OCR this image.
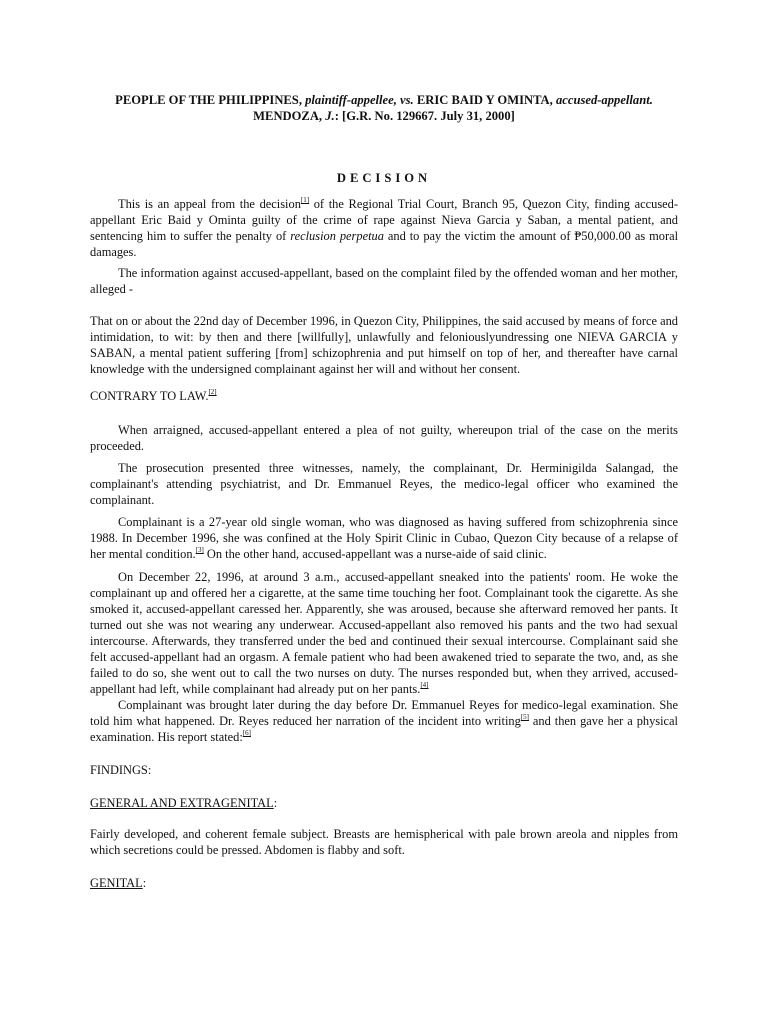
PEOPLE OF THE PHILIPPINES, plaintiff-appellee, vs. ERIC BAID Y OMINTA, accused-appellant.
MENDOZA, J.: [G.R. No. 129667. July 31, 2000]
DECISION

This is an appeal from the decision[1] of the Regional Trial Court, Branch 95, Quezon City, finding accused-appellant Eric Baid y Ominta guilty of the crime of rape against Nieva Garcia y Saban, a mental patient, and sentencing him to suffer the penalty of reclusion perpetua and to pay the victim the amount of ₱50,000.00 as moral damages.

The information against accused-appellant, based on the complaint filed by the offended woman and her mother, alleged -

That on or about the 22nd day of December 1996, in Quezon City, Philippines, the said accused by means of force and intimidation, to wit: by then and there [willfully], unlawfully and feloniouslyundressing one NIEVA GARCIA y SABAN, a mental patient suffering [from] schizophrenia and put himself on top of her, and thereafter have carnal knowledge with the undersigned complainant against her will and without her consent.

CONTRARY TO LAW.[2]

When arraigned, accused-appellant entered a plea of not guilty, whereupon trial of the case on the merits proceeded.

The prosecution presented three witnesses, namely, the complainant, Dr. Herminigilda Salangad, the complainant's attending psychiatrist, and Dr. Emmanuel Reyes, the medico-legal officer who examined the complainant.

Complainant is a 27-year old single woman, who was diagnosed as having suffered from schizophrenia since 1988. In December 1996, she was confined at the Holy Spirit Clinic in Cubao, Quezon City because of a relapse of her mental condition.[3] On the other hand, accused-appellant was a nurse-aide of said clinic.

On December 22, 1996, at around 3 a.m., accused-appellant sneaked into the patients' room. He woke the complainant up and offered her a cigarette, at the same time touching her foot. Complainant took the cigarette. As she smoked it, accused-appellant caressed her. Apparently, she was aroused, because she afterward removed her pants. It turned out she was not wearing any underwear. Accused-appellant also removed his pants and the two had sexual intercourse. Afterwards, they transferred under the bed and continued their sexual intercourse. Complainant said she felt accused-appellant had an orgasm. A female patient who had been awakened tried to separate the two, and, as she failed to do so, she went out to call the two nurses on duty. The nurses responded but, when they arrived, accused-appellant had left, while complainant had already put on her pants.[4]

Complainant was brought later during the day before Dr. Emmanuel Reyes for medico-legal examination. She told him what happened. Dr. Reyes reduced her narration of the incident into writing[5] and then gave her a physical examination. His report stated:[6]

FINDINGS:

GENERAL AND EXTRAGENITAL:

Fairly developed, and coherent female subject. Breasts are hemispherical with pale brown areola and nipples from which secretions could be pressed. Abdomen is flabby and soft.

GENITAL:
